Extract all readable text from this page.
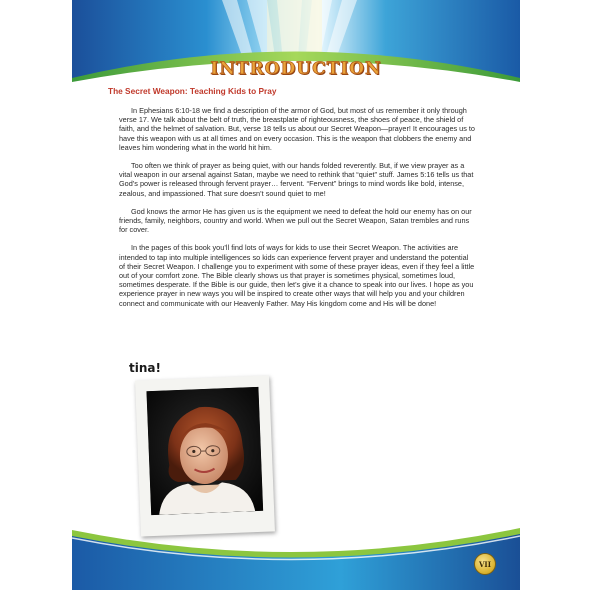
INTRODUCTION
The Secret Weapon: Teaching Kids to Pray

In Ephesians 6:10-18 we find a description of the armor of God, but most of us remember it only through verse 17. We talk about the belt of truth, the breastplate of righteousness, the shoes of peace, the shield of faith, and the helmet of salvation. But, verse 18 tells us about our Secret Weapon—prayer! It encourages us to have this weapon with us at all times and on every occasion. This is the weapon that clobbers the enemy and leaves him wondering what in the world hit him.

Too often we think of prayer as being quiet, with our hands folded reverently. But, if we view prayer as a vital weapon in our arsenal against Satan, maybe we need to rethink that “quiet” stuff. James 5:16 tells us that God’s power is released through fervent prayer… fervent. “Fervent” brings to mind words like bold, intense, zealous, and impassioned. That sure doesn’t sound quiet to me!

God knows the armor He has given us is the equipment we need to defeat the hold our enemy has on our friends, family, neighbors, country and world. When we pull out the Secret Weapon, Satan trembles and runs for cover.

In the pages of this book you’ll find lots of ways for kids to use their Secret Weapon. The activities are intended to tap into multiple intelligences so kids can experience fervent prayer and understand the potential of their Secret Weapon. I challenge you to experiment with some of these prayer ideas, even if they feel a little out of your comfort zone. The Bible clearly shows us that prayer is sometimes physical, sometimes loud, sometimes desperate. If the Bible is our guide, then let’s give it a chance to speak into our lives. I hope as you experience prayer in new ways you will be inspired to create other ways that will help you and your children connect and communicate with our Heavenly Father. May His kingdom come and His will be done!

tina!
VII
